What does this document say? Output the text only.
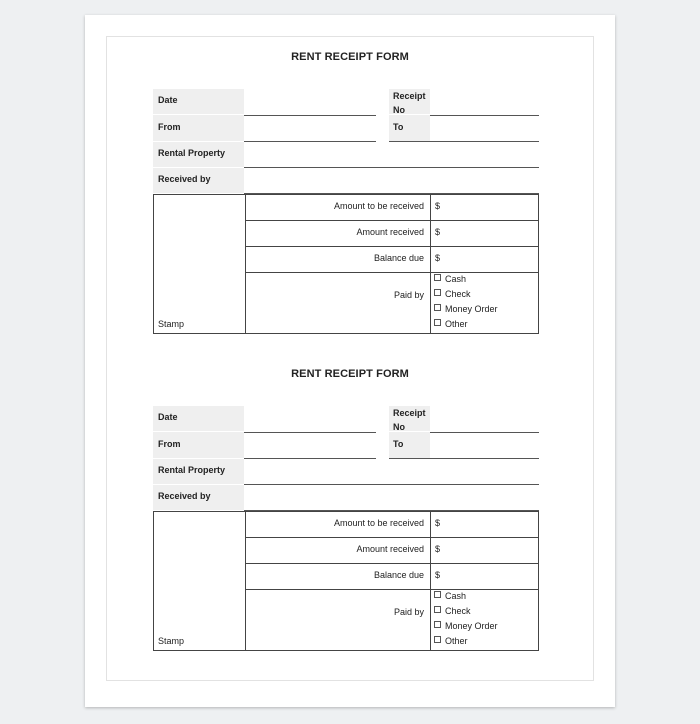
RENT RECEIPT FORM
Date	Receipt
No
From	To
Rental Property
Received by
Stamp
Amount to be received $
Amount received $
Balance due $
Paid by
Cash
Check
Money Order
Other
RENT RECEIPT FORM
Date	Receipt
No
From	To
Rental Property
Received by
Stamp
Amount to be received $
Amount received $
Balance due $
Paid by
Cash
Check
Money Order
Other
